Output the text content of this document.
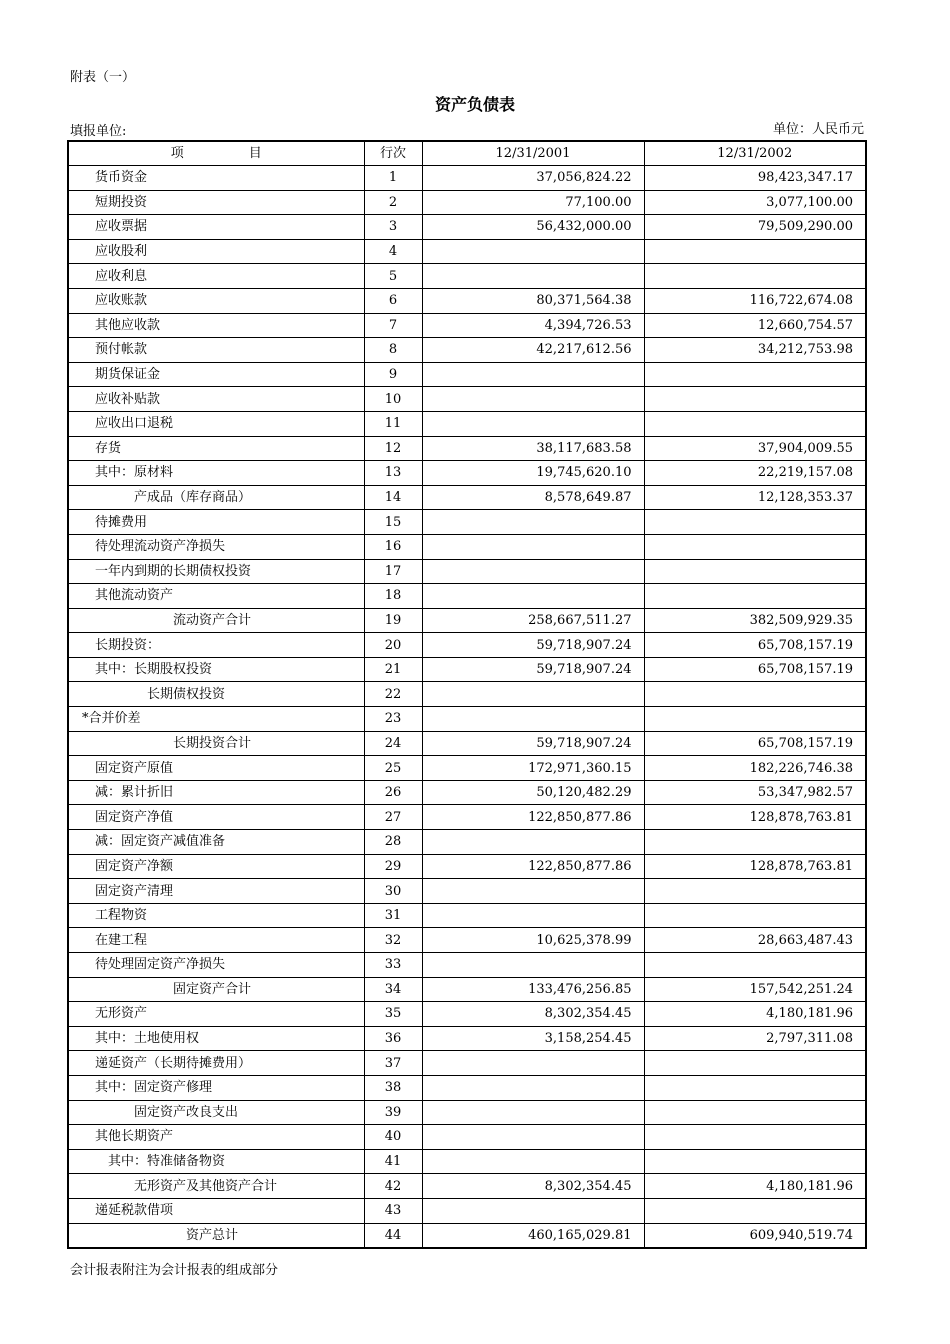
附表（一）
资产负债表
填报单位:	单位：人民币元
项　　　　　目	行次	12/31/2001	12/31/2002
货币资金	1	37,056,824.22	98,423,347.17
短期投资	2	77,100.00	3,077,100.00
应收票据	3	56,432,000.00	79,509,290.00
应收股利	4		
应收利息	5		
应收账款	6	80,371,564.38	116,722,674.08
其他应收款	7	4,394,726.53	12,660,754.57
预付帐款	8	42,217,612.56	34,212,753.98
期货保证金	9		
应收补贴款	10		
应收出口退税	11		
存货	12	38,117,683.58	37,904,009.55
其中：原材料	13	19,745,620.10	22,219,157.08
产成品（库存商品）	14	8,578,649.87	12,128,353.37
待摊费用	15		
待处理流动资产净损失	16		
一年内到期的长期债权投资	17		
其他流动资产	18		
流动资产合计	19	258,667,511.27	382,509,929.35
长期投资：	20	59,718,907.24	65,708,157.19
其中：长期股权投资	21	59,718,907.24	65,708,157.19
长期债权投资	22		
*合并价差	23		
长期投资合计	24	59,718,907.24	65,708,157.19
固定资产原值	25	172,971,360.15	182,226,746.38
减：累计折旧	26	50,120,482.29	53,347,982.57
固定资产净值	27	122,850,877.86	128,878,763.81
减：固定资产减值准备	28		
固定资产净额	29	122,850,877.86	128,878,763.81
固定资产清理	30		
工程物资	31		
在建工程	32	10,625,378.99	28,663,487.43
待处理固定资产净损失	33		
固定资产合计	34	133,476,256.85	157,542,251.24
无形资产	35	8,302,354.45	4,180,181.96
其中：土地使用权	36	3,158,254.45	2,797,311.08
递延资产（长期待摊费用）	37		
其中：固定资产修理	38		
固定资产改良支出	39		
其他长期资产	40		
其中：特准储备物资	41		
无形资产及其他资产合计	42	8,302,354.45	4,180,181.96
递延税款借项	43		
资产总计	44	460,165,029.81	609,940,519.74
会计报表附注为会计报表的组成部分
